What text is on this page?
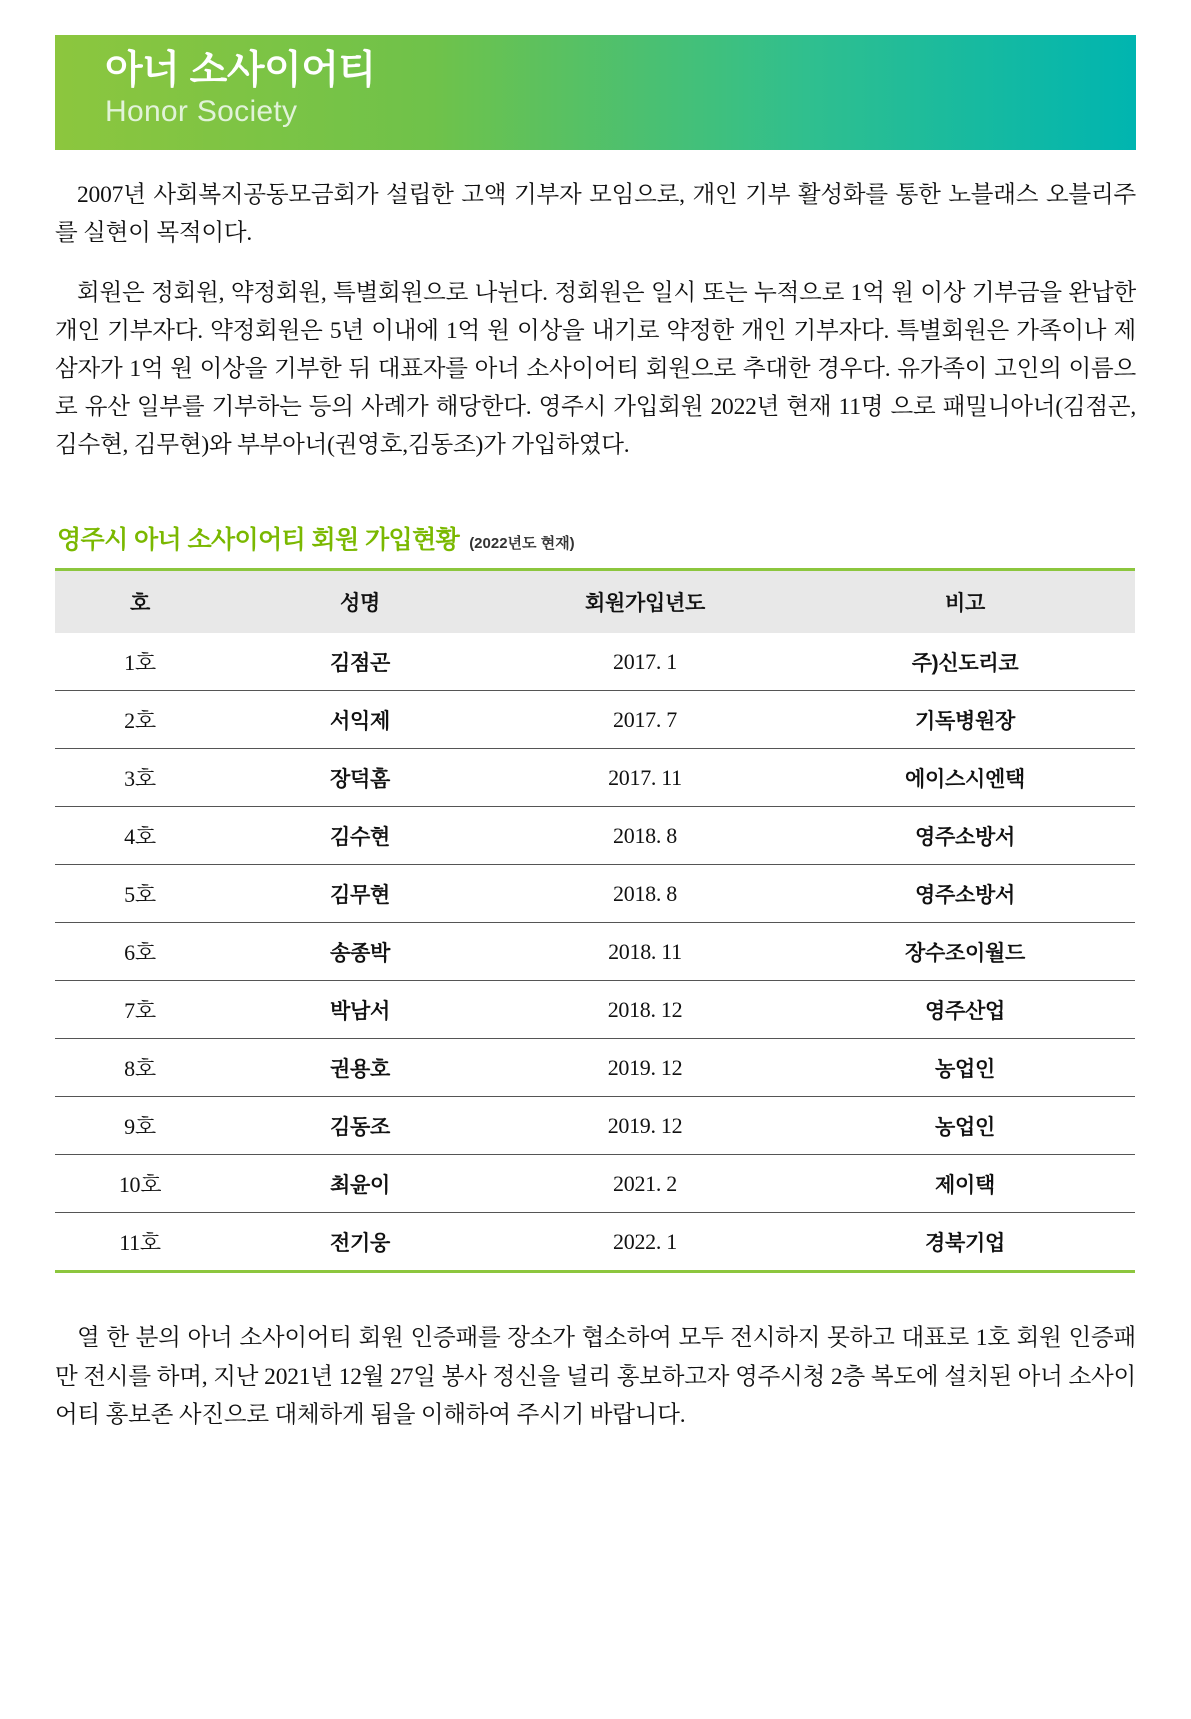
아너 소사이어티
Honor Society

2007년 사회복지공동모금회가 설립한 고액 기부자 모임으로, 개인 기부 활성화를 통한 노블래스 오블리주를 실현이 목적이다.

회원은 정회원, 약정회원, 특별회원으로 나뉜다. 정회원은 일시 또는 누적으로 1억 원 이상 기부금을 완납한 개인 기부자다. 약정회원은 5년 이내에 1억 원 이상을 내기로 약정한 개인 기부자다. 특별회원은 가족이나 제삼자가 1억 원 이상을 기부한 뒤 대표자를 아너 소사이어티 회원으로 추대한 경우다. 유가족이 고인의 이름으로 유산 일부를 기부하는 등의 사례가 해당한다. 영주시 가입회원 2022년 현재 11명 으로 패밀니아너(김점곤, 김수현, 김무현)와 부부아너(권영호,김동조)가 가입하였다.

영주시 아너 소사이어티 회원 가입현황 (2022년도 현재)
호	성명	회원가입년도	비고
1호	김점곤	2017. 1	주)신도리코
2호	서익제	2017. 7	기독병원장
3호	장덕홈	2017. 11	에이스시엔택
4호	김수현	2018. 8	영주소방서
5호	김무현	2018. 8	영주소방서
6호	송종박	2018. 11	장수조이월드
7호	박남서	2018. 12	영주산업
8호	권용호	2019. 12	농업인
9호	김동조	2019. 12	농업인
10호	최윤이	2021. 2	제이택
11호	전기웅	2022. 1	경북기업

열 한 분의 아너 소사이어티 회원 인증패를 장소가 협소하여 모두 전시하지 못하고 대표로 1호 회원 인증패만 전시를 하며, 지난 2021년 12월 27일 봉사 정신을 널리 홍보하고자 영주시청 2층 복도에 설치된 아너 소사이어티 홍보존 사진으로 대체하게 됨을 이해하여 주시기 바랍니다.
